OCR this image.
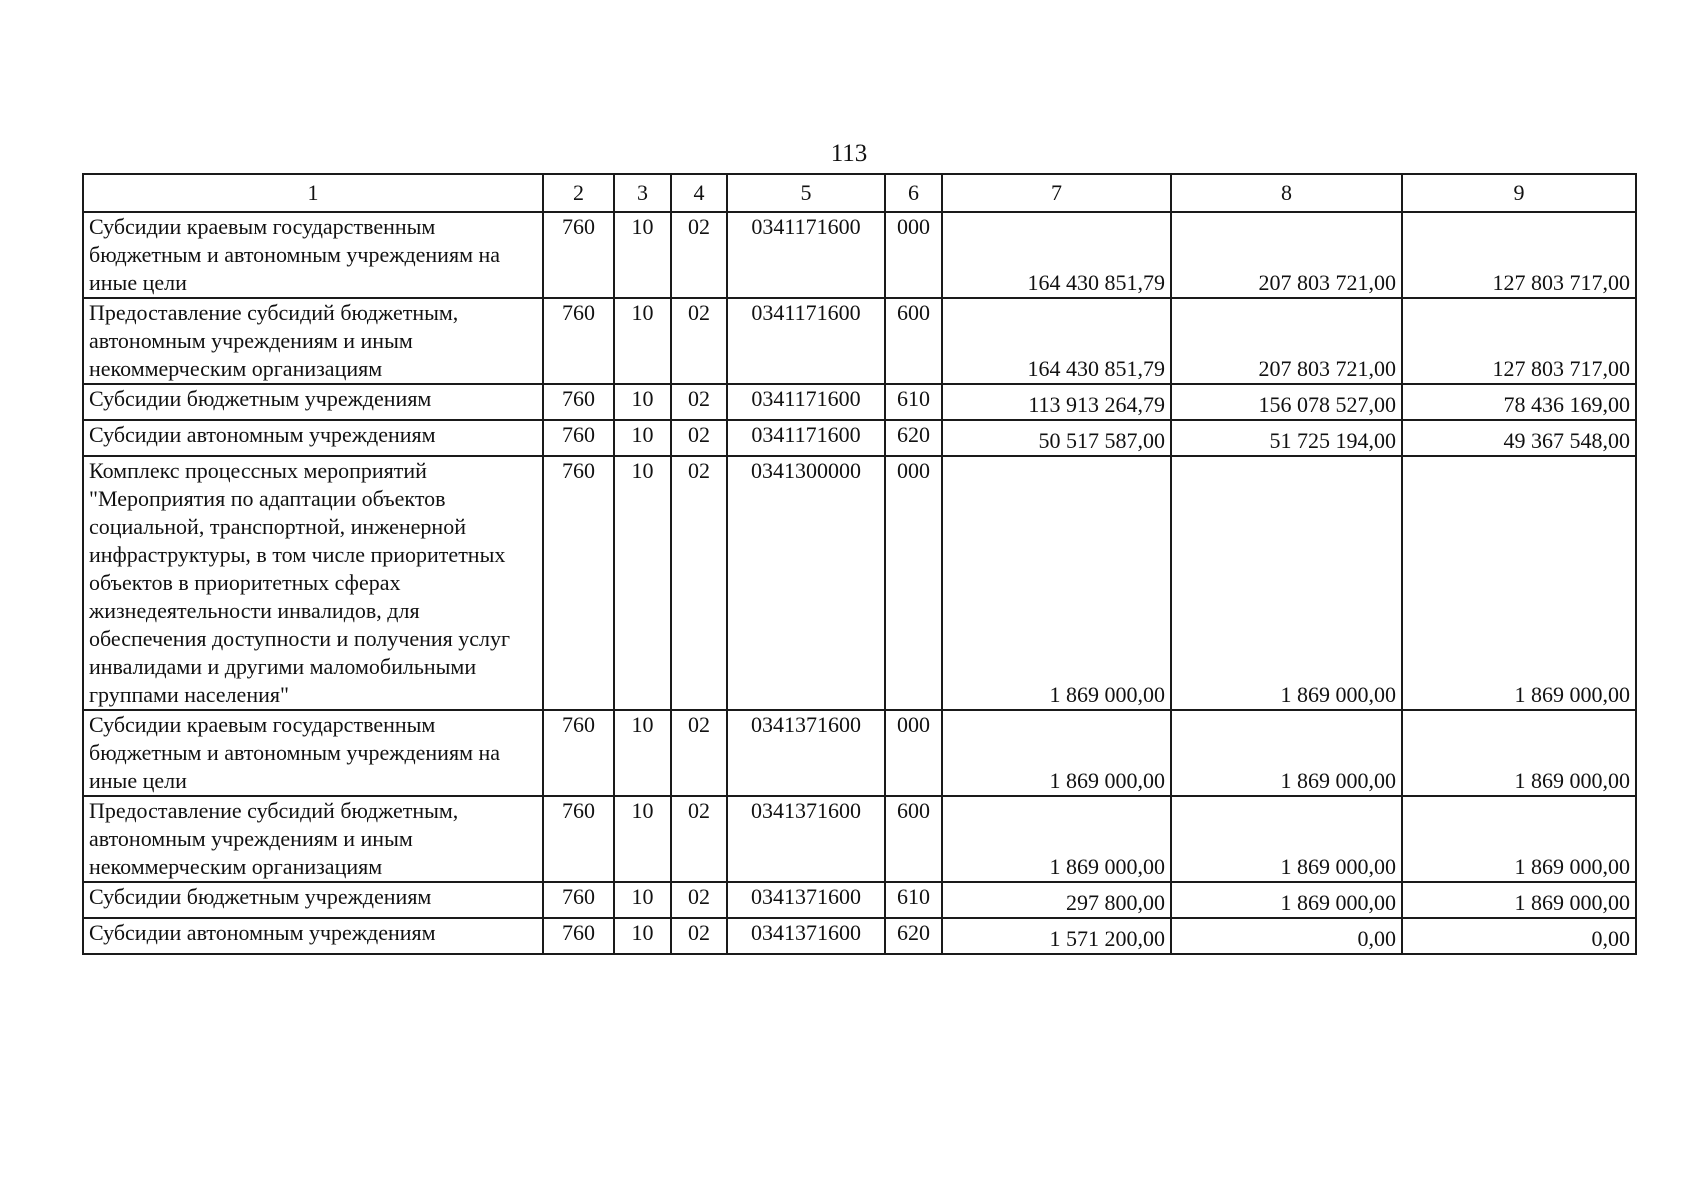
113
1	2	3	4	5	6	7	8	9
Субсидии краевым государственным бюджетным и автономным учреждениям на иные цели	760	10	02	0341171600	000	164 430 851,79	207 803 721,00	127 803 717,00
Предоставление субсидий бюджетным, автономным учреждениям и иным некоммерческим организациям	760	10	02	0341171600	600	164 430 851,79	207 803 721,00	127 803 717,00
Субсидии бюджетным учреждениям	760	10	02	0341171600	610	113 913 264,79	156 078 527,00	78 436 169,00
Субсидии автономным учреждениям	760	10	02	0341171600	620	50 517 587,00	51 725 194,00	49 367 548,00
Комплекс процессных мероприятий "Мероприятия по адаптации объектов социальной, транспортной, инженерной инфраструктуры, в том числе приоритетных объектов в приоритетных сферах жизнедеятельности инвалидов, для обеспечения доступности и получения услуг инвалидами и другими маломобильными группами населения"	760	10	02	0341300000	000	1 869 000,00	1 869 000,00	1 869 000,00
Субсидии краевым государственным бюджетным и автономным учреждениям на иные цели	760	10	02	0341371600	000	1 869 000,00	1 869 000,00	1 869 000,00
Предоставление субсидий бюджетным, автономным учреждениям и иным некоммерческим организациям	760	10	02	0341371600	600	1 869 000,00	1 869 000,00	1 869 000,00
Субсидии бюджетным учреждениям	760	10	02	0341371600	610	297 800,00	1 869 000,00	1 869 000,00
Субсидии автономным учреждениям	760	10	02	0341371600	620	1 571 200,00	0,00	0,00
